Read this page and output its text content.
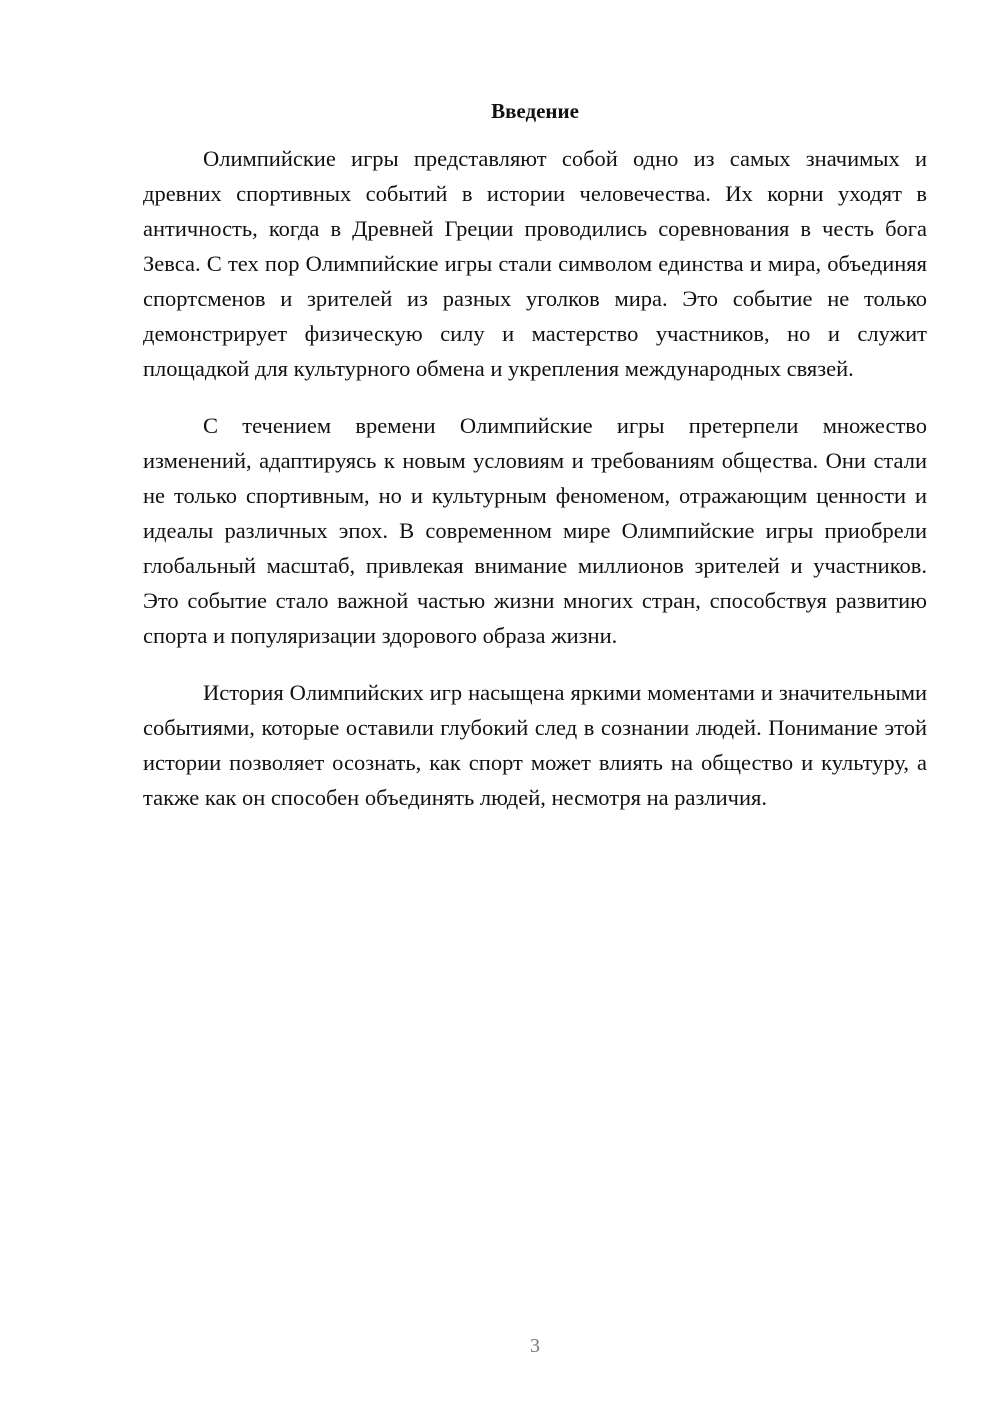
Введение

Олимпийские игры представляют собой одно из самых значимых и древних спортивных событий в истории человечества. Их корни уходят в античность, когда в Древней Греции проводились соревнования в честь бога Зевса. С тех пор Олимпийские игры стали символом единства и мира, объединяя спортсменов и зрителей из разных уголков мира. Это событие не только демонстрирует физическую силу и мастерство участников, но и служит площадкой для культурного обмена и укрепления международных связей.

С течением времени Олимпийские игры претерпели множество изменений, адаптируясь к новым условиям и требованиям общества. Они стали не только спортивным, но и культурным феноменом, отражающим ценности и идеалы различных эпох. В современном мире Олимпийские игры приобрели глобальный масштаб, привлекая внимание миллионов зрителей и участников. Это событие стало важной частью жизни многих стран, способствуя развитию спорта и популяризации здорового образа жизни.

История Олимпийских игр насыщена яркими моментами и значительными событиями, которые оставили глубокий след в сознании людей. Понимание этой истории позволяет осознать, как спорт может влиять на общество и культуру, а также как он способен объединять людей, несмотря на различия.

3
